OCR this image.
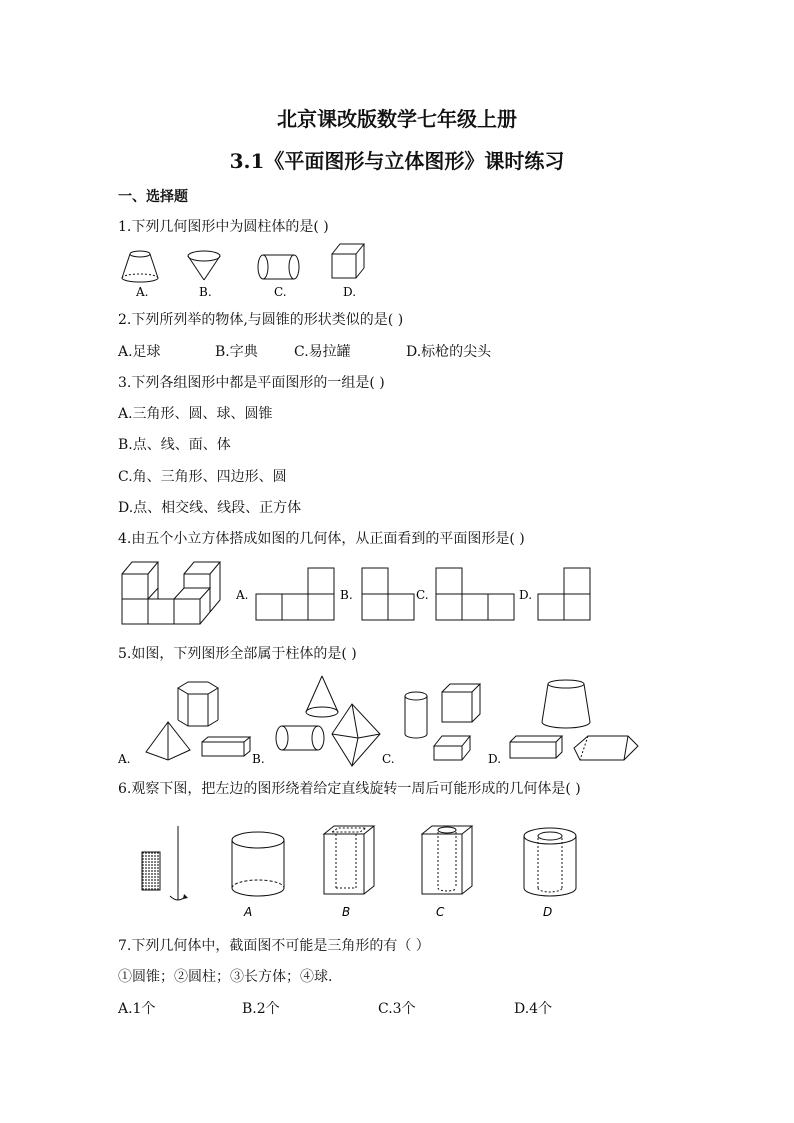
北京课改版数学七年级上册
3.1《平面图形与立体图形》课时练习
一、选择题
1.下列几何图形中为圆柱体的是( )
A.	B.	C.	D.
2.下列所列举的物体,与圆锥的形状类似的是( )
A.足球	B.字典	C.易拉罐	D.标枪的尖头
3.下列各组图形中都是平面图形的一组是( )
A.三角形、圆、球、圆锥
B.点、线、面、体
C.角、三角形、四边形、圆
D.点、相交线、线段、正方体
4.由五个小立方体搭成如图的几何体，从正面看到的平面图形是( )
A.	B.	C.	D.
5.如图，下列图形全部属于柱体的是( )
A.	B.	C.	D.
6.观察下图，把左边的图形绕着给定直线旋转一周后可能形成的几何体是( )
A	B	C	D
7.下列几何体中，截面图不可能是三角形的有（ ）
①圆锥；②圆柱；③长方体；④球.
A.1个	B.2个	C.3个	D.4个
